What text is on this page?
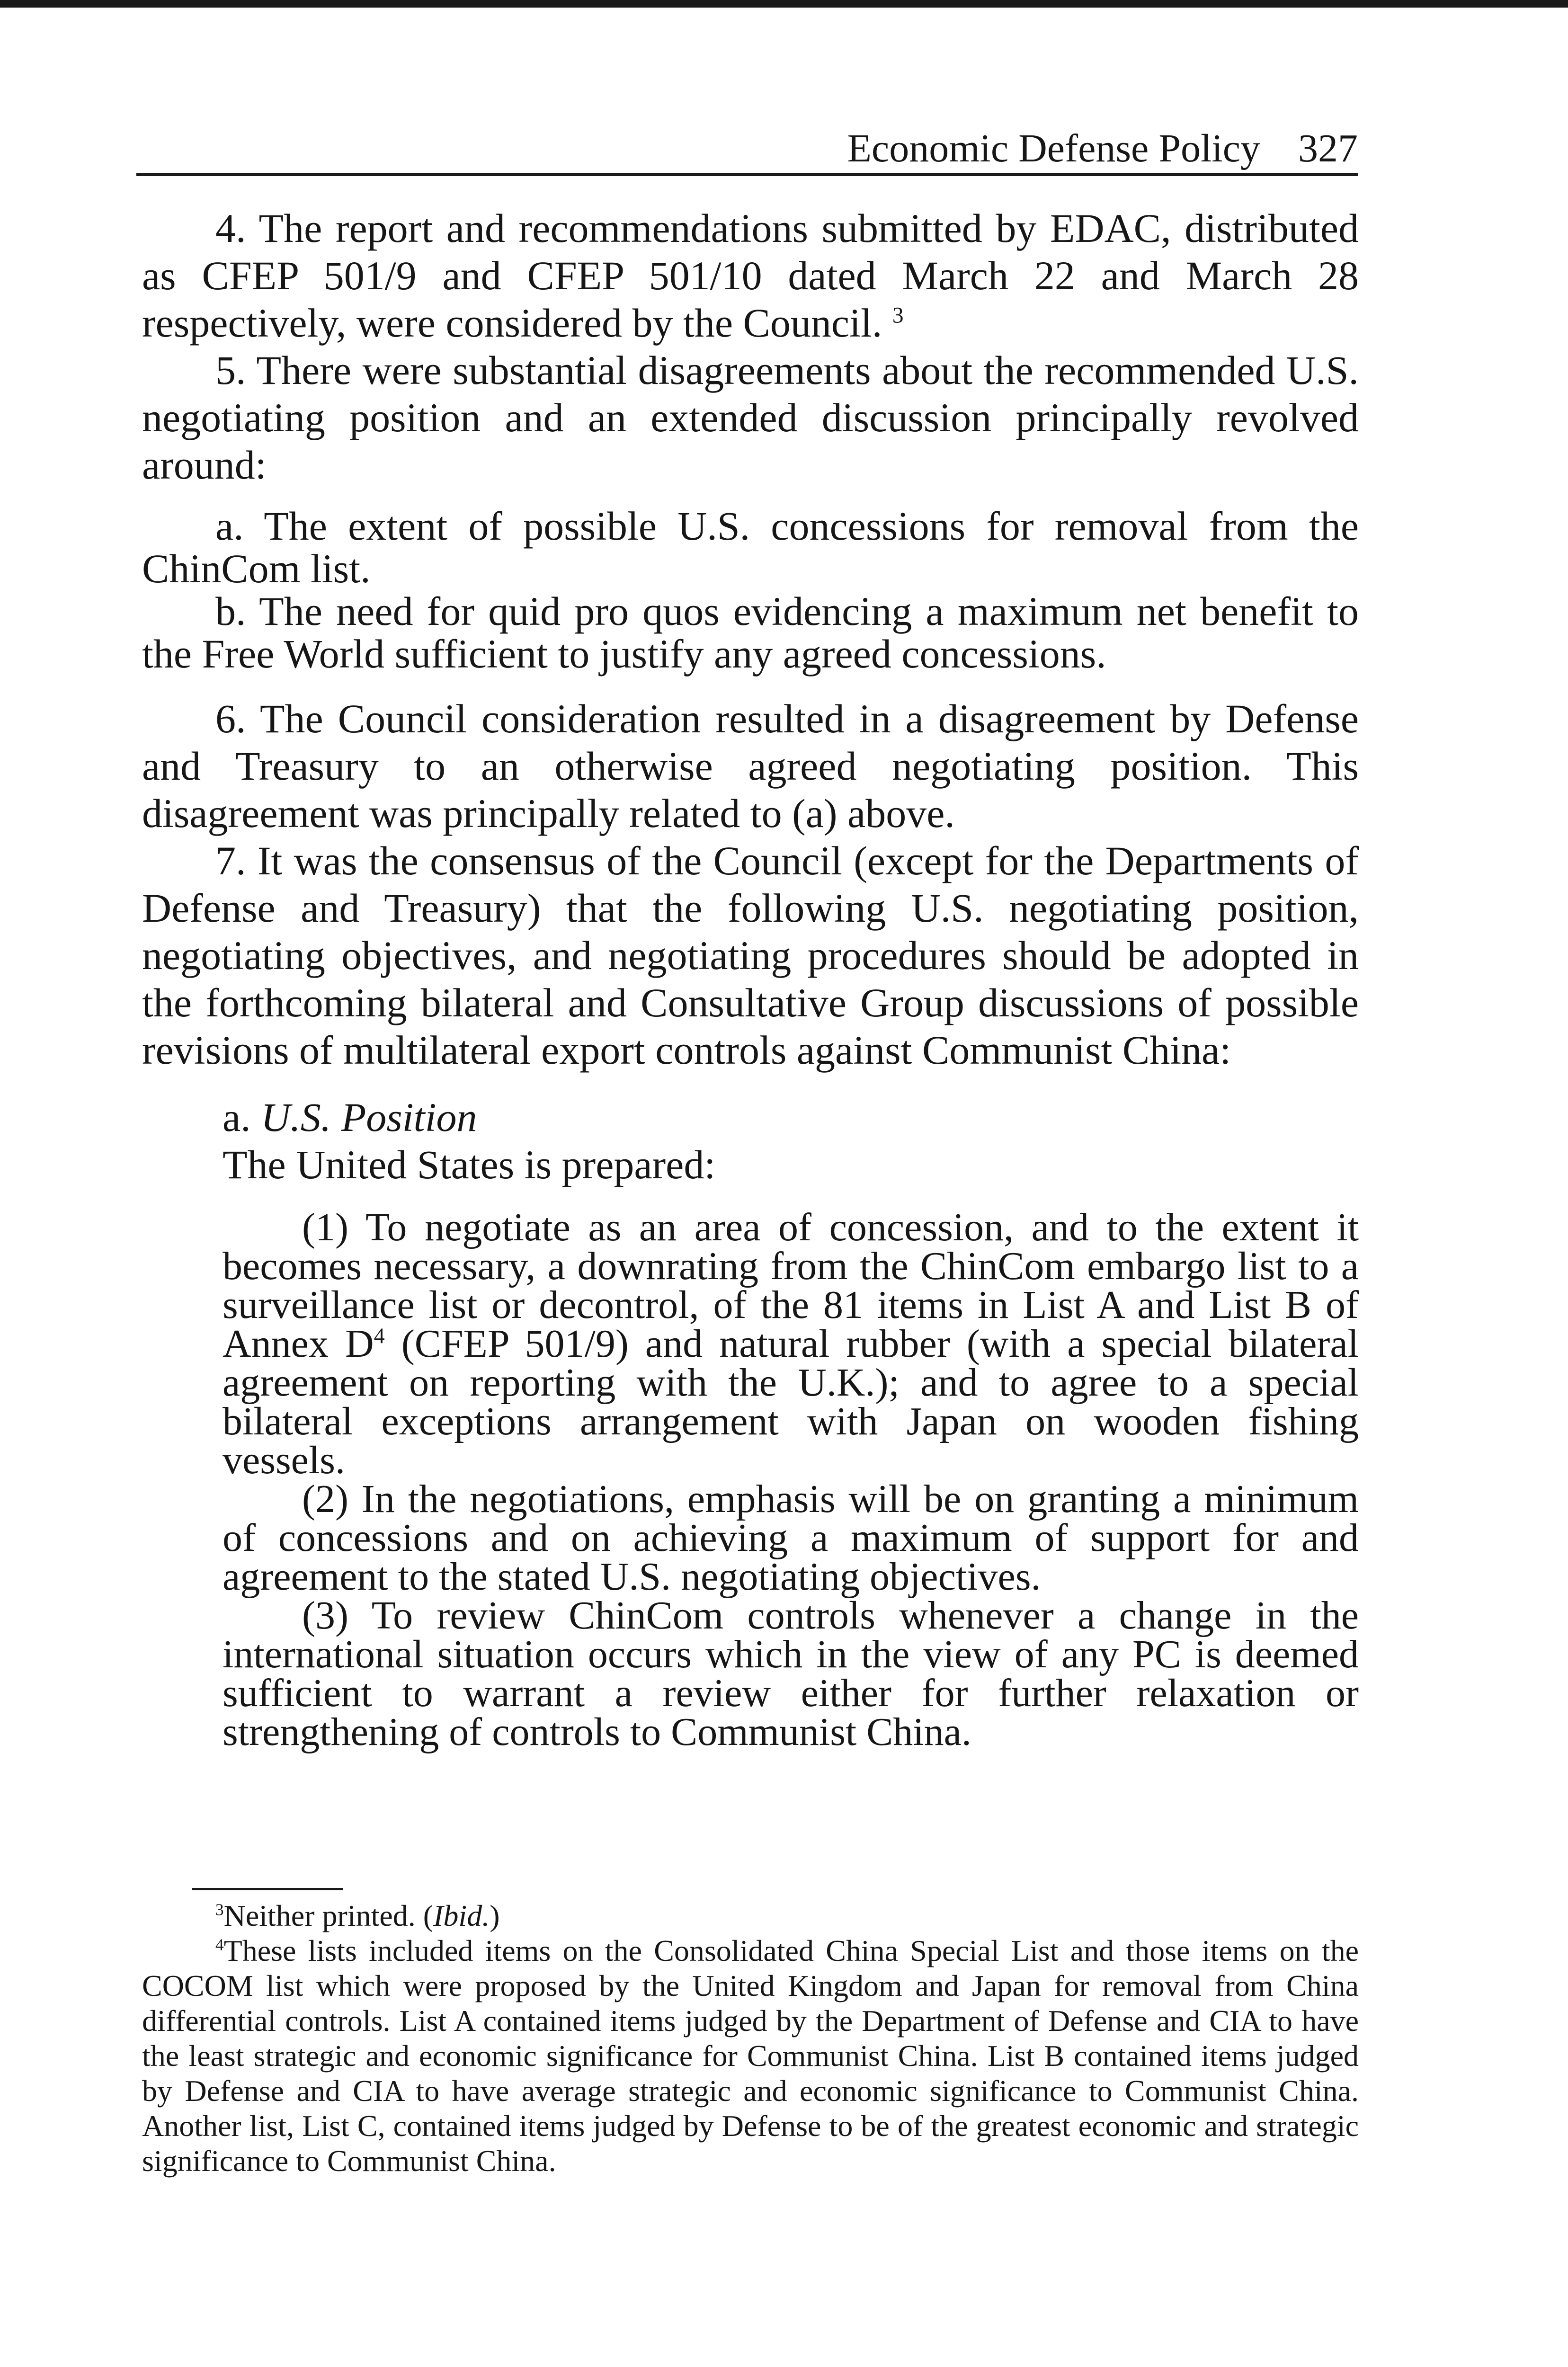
Economic Defense Policy 327

4. The report and recommendations submitted by EDAC, distributed as CFEP 501/9 and CFEP 501/10 dated March 22 and March 28 respectively, were considered by the Council. $^3$

5. There were substantial disagreements about the recommended U.S. negotiating position and an extended discussion principally revolved around:

a. The extent of possible U.S. concessions for removal from the ChinCom list.

b. The need for quid pro quos evidencing a maximum net benefit to the Free World sufficient to justify any agreed concessions.

6. The Council consideration resulted in a disagreement by Defense and Treasury to an otherwise agreed negotiating position. This disagreement was principally related to (a) above.

7. It was the consensus of the Council (except for the Departments of Defense and Treasury) that the following U.S. negotiating position, negotiating objectives, and negotiating procedures should be adopted in the forthcoming bilateral and Consultative Group discussions of possible revisions of multilateral export controls against Communist China:

a. U.S. Position

The United States is prepared:

(1) To negotiate as an area of concession, and to the extent it becomes necessary, a downrating from the ChinCom embargo list to a surveillance list or decontrol, of the 81 items in List A and List B of Annex $D^4$ (CFEP 501/9) and natural rubber (with a special bilateral agreement on reporting with the U.K.); and to agree to a special bilateral exceptions arrangement with Japan on wooden fishing vessels.

(2) In the negotiations, emphasis will be on granting a minimum of concessions and on achieving a maximum of support for and agreement to the stated U.S. negotiating objectives.

(3) To review ChinCom controls whenever a change in the international situation occurs which in the view of any PC is deemed sufficient to warrant a review either for further relaxation or strengthening of controls to Communist China.

$^3$Neither printed. (Ibid.)

$^4$These lists included items on the Consolidated China Special List and those items on the COCOM list which were proposed by the United Kingdom and Japan for removal from China differential controls. List A contained items judged by the Department of Defense and CIA to have the least strategic and economic significance for Communist China. List B contained items judged by Defense and CIA to have average strategic and economic significance to Communist China. Another list, List C, contained items judged by Defense to be of the greatest economic and strategic significance to Communist China.
